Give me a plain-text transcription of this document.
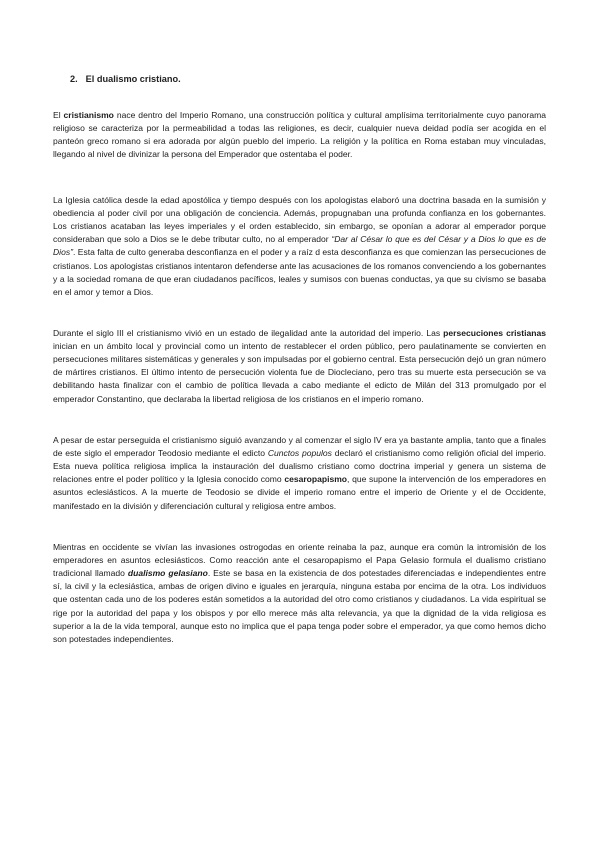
2. El dualismo cristiano.

El cristianismo nace dentro del Imperio Romano, una construcción política y cultural amplísima territorialmente cuyo panorama religioso se caracteriza por la permeabilidad a todas las religiones, es decir, cualquier nueva deidad podía ser acogida en el panteón greco romano si era adorada por algún pueblo del imperio. La religión y la política en Roma estaban muy vinculadas, llegando al nivel de divinizar la persona del Emperador que ostentaba el poder.

La Iglesia católica desde la edad apostólica y tiempo después con los apologistas elaboró una doctrina basada en la sumisión y obediencia al poder civil por una obligación de conciencia. Además, propugnaban una profunda confianza en los gobernantes. Los cristianos acataban las leyes imperiales y el orden establecido, sin embargo, se oponían a adorar al emperador porque consideraban que solo a Dios se le debe tributar culto, no al emperador “Dar al César lo que es del César y a Dios lo que es de Dios”. Esta falta de culto generaba desconfianza en el poder y a raíz d esta desconfianza es que comienzan las persecuciones de cristianos. Los apologistas cristianos intentaron defenderse ante las acusaciones de los romanos convenciendo a los gobernantes y a la sociedad romana de que eran ciudadanos pacíficos, leales y sumisos con buenas conductas, ya que su civismo se basaba en el amor y temor a Dios.

Durante el siglo III el cristianismo vivió en un estado de ilegalidad ante la autoridad del imperio. Las persecuciones cristianas inician en un ámbito local y provincial como un intento de restablecer el orden público, pero paulatinamente se convierten en persecuciones militares sistemáticas y generales y son impulsadas por el gobierno central. Esta persecución dejó un gran número de mártires cristianos. El último intento de persecución violenta fue de Diocleciano, pero tras su muerte esta persecución se va debilitando hasta finalizar con el cambio de política llevada a cabo mediante el edicto de Milán del 313 promulgado por el emperador Constantino, que declaraba la libertad religiosa de los cristianos en el imperio romano.

A pesar de estar perseguida el cristianismo siguió avanzando y al comenzar el siglo IV era ya bastante amplia, tanto que a finales de este siglo el emperador Teodosio mediante el edicto Cunctos populos declaró el cristianismo como religión oficial del imperio. Esta nueva política religiosa implica la instauración del dualismo cristiano como doctrina imperial y genera un sistema de relaciones entre el poder político y la Iglesia conocido como cesaropapismo, que supone la intervención de los emperadores en asuntos eclesiásticos. A la muerte de Teodosio se divide el imperio romano entre el imperio de Oriente y el de Occidente, manifestado en la división y diferenciación cultural y religiosa entre ambos.

Mientras en occidente se vivían las invasiones ostrogodas en oriente reinaba la paz, aunque era común la intromisión de los emperadores en asuntos eclesiásticos. Como reacción ante el cesaropapismo el Papa Gelasio formula el dualismo cristiano tradicional llamado dualismo gelasiano. Este se basa en la existencia de dos potestades diferenciadas e independientes entre sí, la civil y la eclesiástica, ambas de origen divino e iguales en jerarquía, ninguna estaba por encima de la otra. Los individuos que ostentan cada uno de los poderes están sometidos a la autoridad del otro como cristianos y ciudadanos. La vida espiritual se rige por la autoridad del papa y los obispos y por ello merece más alta relevancia, ya que la dignidad de la vida religiosa es superior a la de la vida temporal, aunque esto no implica que el papa tenga poder sobre el emperador, ya que como hemos dicho son potestades independientes.
